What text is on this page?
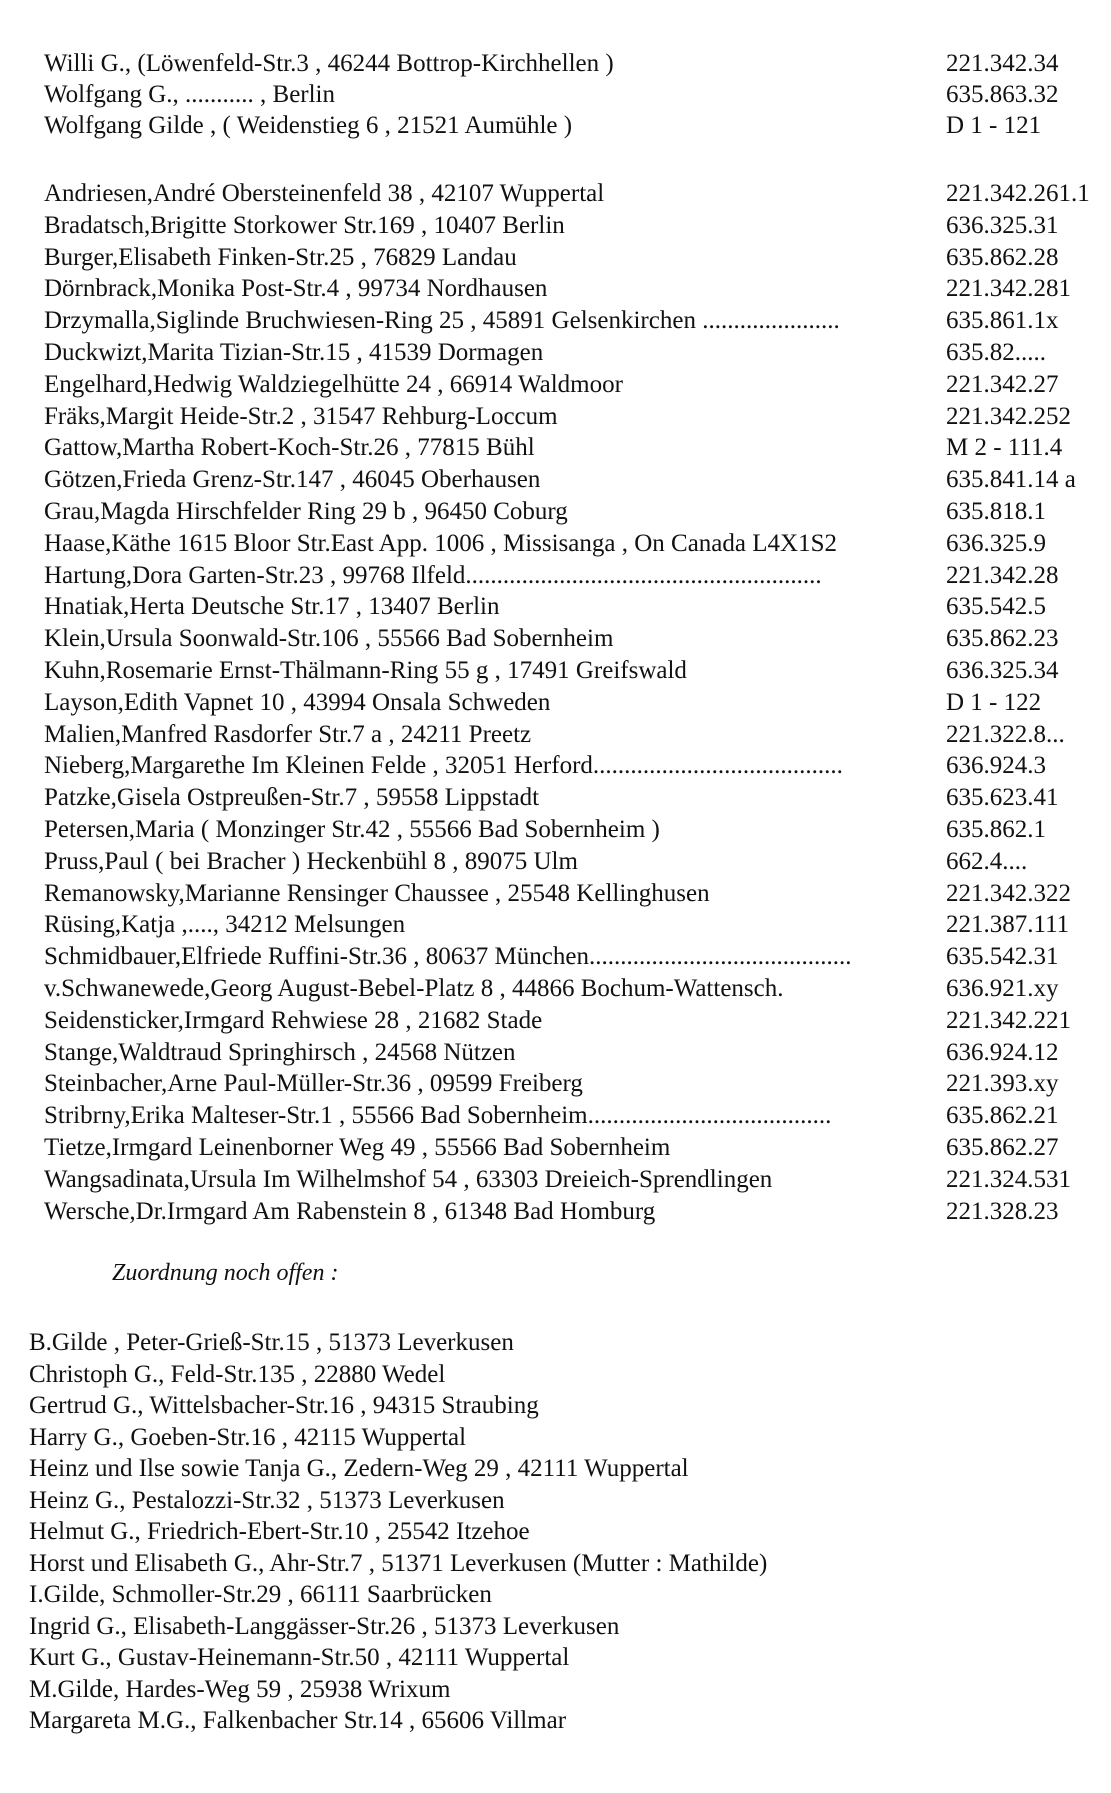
Willi G., (Löwenfeld-Str.3 , 46244 Bottrop-Kirchhellen )	221.342.34
Wolfgang G., ........... , Berlin	635.863.32
Wolfgang Gilde , ( Weidenstieg 6 , 21521 Aumühle )	D 1 - 121
Andriesen,André Obersteinenfeld 38 , 42107 Wuppertal	221.342.261.1
Bradatsch,Brigitte Storkower Str.169 , 10407 Berlin	636.325.31
Burger,Elisabeth Finken-Str.25 , 76829 Landau	635.862.28
Dörnbrack,Monika Post-Str.4 , 99734 Nordhausen	221.342.281
Drzymalla,Siglinde Bruchwiesen-Ring 25 , 45891 Gelsenkirchen ......................	635.861.1x
Duckwizt,Marita Tizian-Str.15 , 41539 Dormagen	635.82.....
Engelhard,Hedwig Waldziegelhütte 24 , 66914 Waldmoor	221.342.27
Fräks,Margit Heide-Str.2 , 31547 Rehburg-Loccum	221.342.252
Gattow,Martha Robert-Koch-Str.26 , 77815 Bühl	M 2 - 111.4
Götzen,Frieda Grenz-Str.147 , 46045 Oberhausen	635.841.14 a
Grau,Magda Hirschfelder Ring 29 b , 96450 Coburg	635.818.1
Haase,Käthe 1615 Bloor Str.East App. 1006 , Missisanga , On Canada L4X1S2	636.325.9
Hartung,Dora Garten-Str.23 , 99768 Ilfeld.........................................................	221.342.28
Hnatiak,Herta Deutsche Str.17 , 13407 Berlin	635.542.5
Klein,Ursula Soonwald-Str.106 , 55566 Bad Sobernheim	635.862.23
Kuhn,Rosemarie Ernst-Thälmann-Ring 55 g , 17491 Greifswald	636.325.34
Layson,Edith Vapnet 10 , 43994 Onsala Schweden	D 1 - 122
Malien,Manfred Rasdorfer Str.7 a , 24211 Preetz	221.322.8...
Nieberg,Margarethe Im Kleinen Felde , 32051 Herford........................................	636.924.3
Patzke,Gisela Ostpreußen-Str.7 , 59558 Lippstadt	635.623.41
Petersen,Maria ( Monzinger Str.42 , 55566 Bad Sobernheim )	635.862.1
Pruss,Paul ( bei Bracher ) Heckenbühl 8 , 89075 Ulm	662.4....
Remanowsky,Marianne Rensinger Chaussee , 25548 Kellinghusen	221.342.322
Rüsing,Katja ,...., 34212 Melsungen	221.387.111
Schmidbauer,Elfriede Ruffini-Str.36 , 80637 München..........................................	635.542.31
v.Schwanewede,Georg August-Bebel-Platz 8 , 44866 Bochum-Wattensch.	636.921.xy
Seidensticker,Irmgard Rehwiese 28 , 21682 Stade	221.342.221
Stange,Waldtraud Springhirsch , 24568 Nützen	636.924.12
Steinbacher,Arne Paul-Müller-Str.36 , 09599 Freiberg	221.393.xy
Stribrny,Erika Malteser-Str.1 , 55566 Bad Sobernheim.......................................	635.862.21
Tietze,Irmgard Leinenborner Weg 49 , 55566 Bad Sobernheim	635.862.27
Wangsadinata,Ursula Im Wilhelmshof 54 , 63303 Dreieich-Sprendlingen	221.324.531
Wersche,Dr.Irmgard Am Rabenstein 8 , 61348 Bad Homburg	221.328.23
Zuordnung noch offen :
B.Gilde , Peter-Grieß-Str.15 , 51373 Leverkusen
Christoph G., Feld-Str.135 , 22880 Wedel
Gertrud G., Wittelsbacher-Str.16 , 94315 Straubing
Harry G., Goeben-Str.16 , 42115 Wuppertal
Heinz und Ilse sowie Tanja G., Zedern-Weg 29 , 42111 Wuppertal
Heinz G., Pestalozzi-Str.32 , 51373 Leverkusen
Helmut G., Friedrich-Ebert-Str.10 , 25542 Itzehoe
Horst und Elisabeth G., Ahr-Str.7 , 51371 Leverkusen (Mutter : Mathilde)
I.Gilde, Schmoller-Str.29 , 66111 Saarbrücken
Ingrid G., Elisabeth-Langgässer-Str.26 , 51373 Leverkusen
Kurt G., Gustav-Heinemann-Str.50 , 42111 Wuppertal
M.Gilde, Hardes-Weg 59 , 25938 Wrixum
Margareta M.G., Falkenbacher Str.14 , 65606 Villmar
